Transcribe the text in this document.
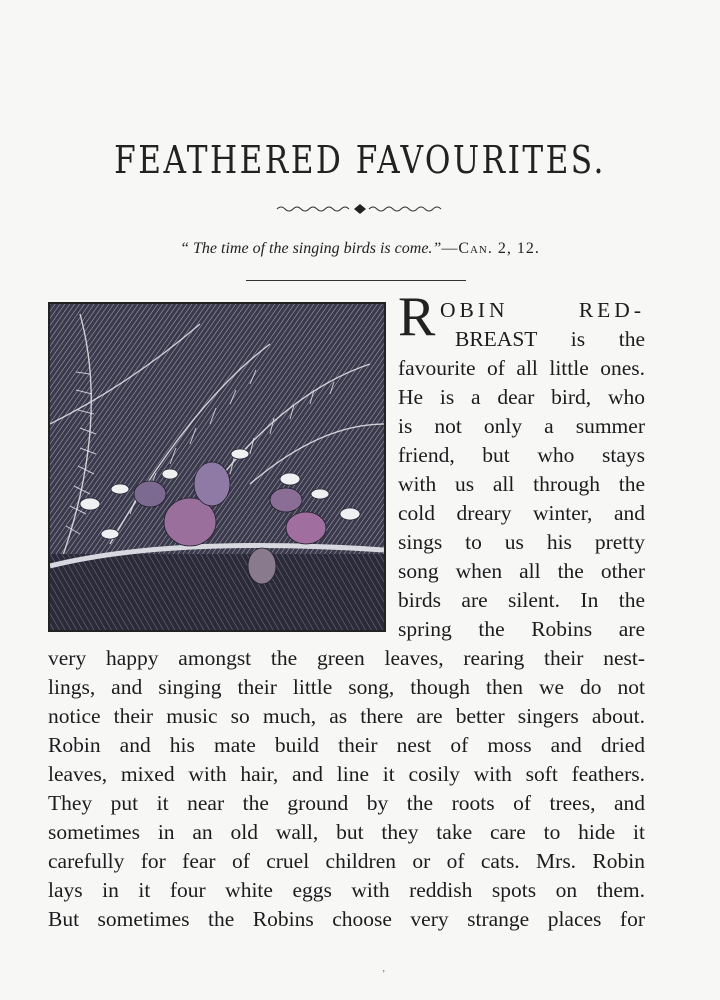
FEATHERED FAVOURITES.
“ The time of the singing birds is come.”—Can. 2, 12.
R OBIN RED-
BREAST is the
favourite of all little ones.
He is a dear bird, who
is not only a summer
friend, but who stays
with us all through the
cold dreary winter, and
sings to us his pretty
song when all the other
birds are silent. In the
spring the Robins are
very happy amongst the green leaves, rearing their nest-
lings, and singing their little song, though then we do not
notice their music so much, as there are better singers about.
Robin and his mate build their nest of moss and dried
leaves, mixed with hair, and line it cosily with soft feathers.
They put it near the ground by the roots of trees, and
sometimes in an old wall, but they take care to hide it
carefully for fear of cruel children or of cats. Mrs. Robin
lays in it four white eggs with reddish spots on them.
But sometimes the Robins choose very strange places for
’
